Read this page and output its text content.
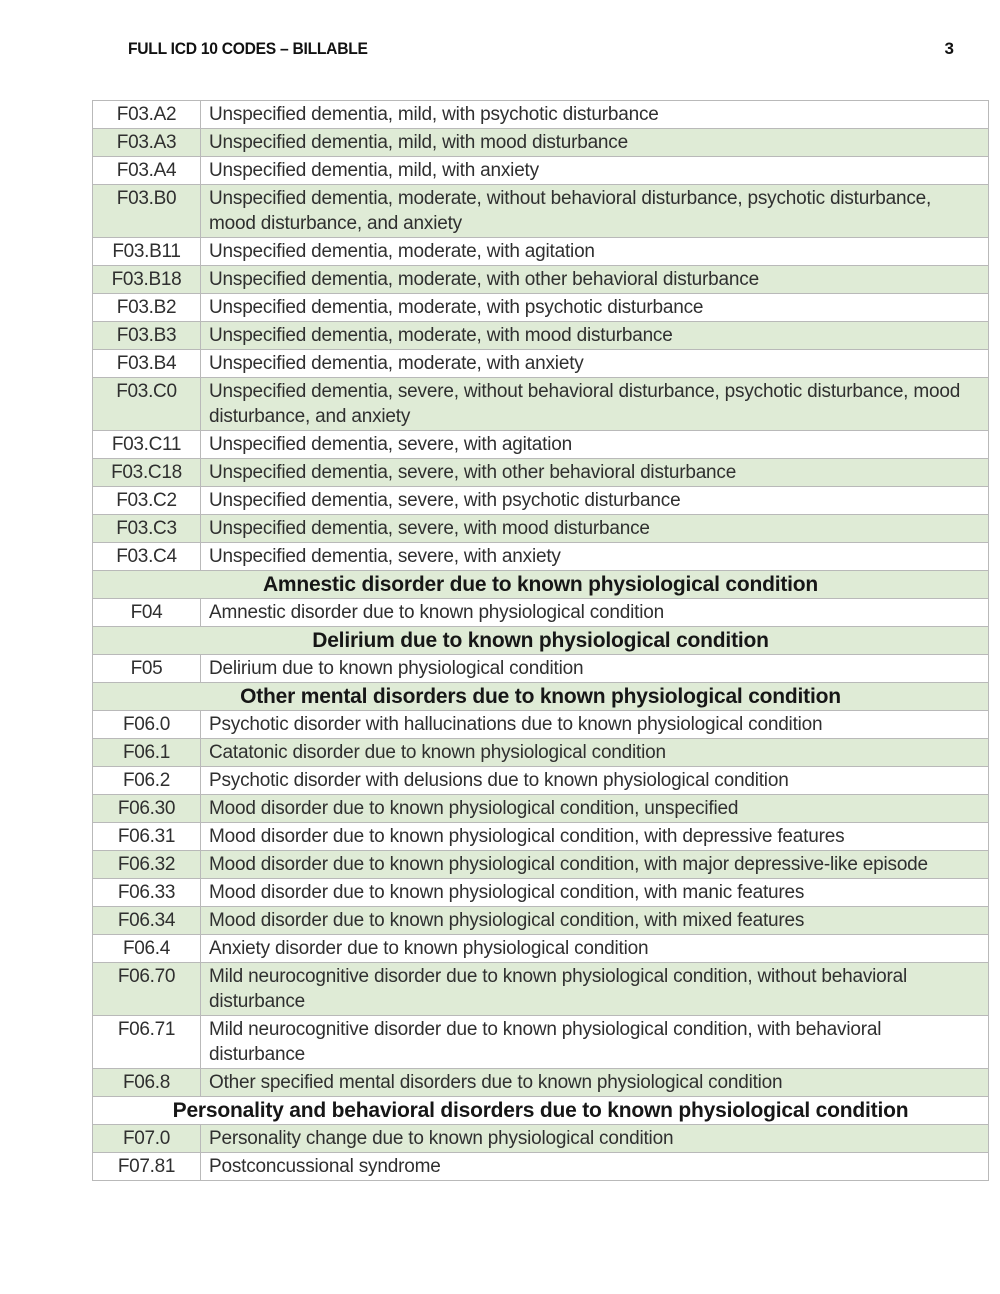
FULL ICD 10 CODES – BILLABLE	3
F03.A2	Unspecified dementia, mild, with psychotic disturbance
F03.A3	Unspecified dementia, mild, with mood disturbance
F03.A4	Unspecified dementia, mild, with anxiety
F03.B0	Unspecified dementia, moderate, without behavioral disturbance, psychotic disturbance, mood disturbance, and anxiety
F03.B11	Unspecified dementia, moderate, with agitation
F03.B18	Unspecified dementia, moderate, with other behavioral disturbance
F03.B2	Unspecified dementia, moderate, with psychotic disturbance
F03.B3	Unspecified dementia, moderate, with mood disturbance
F03.B4	Unspecified dementia, moderate, with anxiety
F03.C0	Unspecified dementia, severe, without behavioral disturbance, psychotic disturbance, mood disturbance, and anxiety
F03.C11	Unspecified dementia, severe, with agitation
F03.C18	Unspecified dementia, severe, with other behavioral disturbance
F03.C2	Unspecified dementia, severe, with psychotic disturbance
F03.C3	Unspecified dementia, severe, with mood disturbance
F03.C4	Unspecified dementia, severe, with anxiety
Amnestic disorder due to known physiological condition	
F04	Amnestic disorder due to known physiological condition
Delirium due to known physiological condition	
F05	Delirium due to known physiological condition
Other mental disorders due to known physiological condition	
F06.0	Psychotic disorder with hallucinations due to known physiological condition
F06.1	Catatonic disorder due to known physiological condition
F06.2	Psychotic disorder with delusions due to known physiological condition
F06.30	Mood disorder due to known physiological condition, unspecified
F06.31	Mood disorder due to known physiological condition, with depressive features
F06.32	Mood disorder due to known physiological condition, with major depressive-like episode
F06.33	Mood disorder due to known physiological condition, with manic features
F06.34	Mood disorder due to known physiological condition, with mixed features
F06.4	Anxiety disorder due to known physiological condition
F06.70	Mild neurocognitive disorder due to known physiological condition, without behavioral disturbance
F06.71	Mild neurocognitive disorder due to known physiological condition, with behavioral disturbance
F06.8	Other specified mental disorders due to known physiological condition
Personality and behavioral disorders due to known physiological condition	
F07.0	Personality change due to known physiological condition
F07.81	Postconcussional syndrome
